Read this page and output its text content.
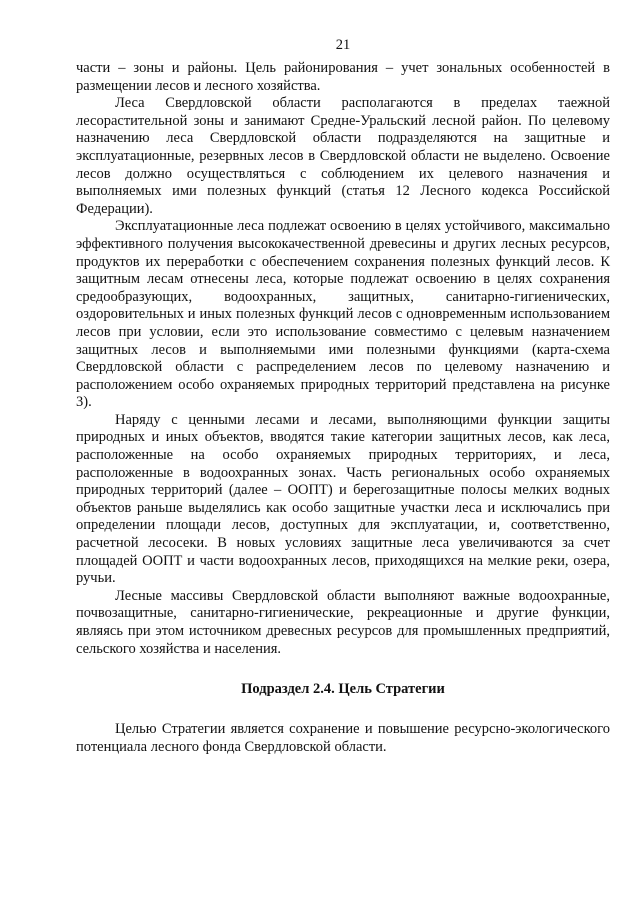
21

части – зоны и районы. Цель районирования – учет зональных особенностей в размещении лесов и лесного хозяйства.

Леса Свердловской области располагаются в пределах таежной лесорастительной зоны и занимают Средне-Уральский лесной район. По целевому назначению леса Свердловской области подразделяются на защитные и эксплуатационные, резервных лесов в Свердловской области не выделено. Освоение лесов должно осуществляться с соблюдением их целевого назначения и выполняемых ими полезных функций (статья 12 Лесного кодекса Российской Федерации).

Эксплуатационные леса подлежат освоению в целях устойчивого, максимально эффективного получения высококачественной древесины и других лесных ресурсов, продуктов их переработки с обеспечением сохранения полезных функций лесов. К защитным лесам отнесены леса, которые подлежат освоению в целях сохранения средообразующих, водоохранных, защитных, санитарно-гигиенических, оздоровительных и иных полезных функций лесов с одновременным использованием лесов при условии, если это использование совместимо с целевым назначением защитных лесов и выполняемыми ими полезными функциями (карта-схема Свердловской области с распределением лесов по целевому назначению и расположением особо охраняемых природных территорий представлена на рисунке 3).

Наряду с ценными лесами и лесами, выполняющими функции защиты природных и иных объектов, вводятся такие категории защитных лесов, как леса, расположенные на особо охраняемых природных территориях, и леса, расположенные в водоохранных зонах. Часть региональных особо охраняемых природных территорий (далее – ООПТ) и берегозащитные полосы мелких водных объектов раньше выделялись как особо защитные участки леса и исключались при определении площади лесов, доступных для эксплуатации, и, соответственно, расчетной лесосеки. В новых условиях защитные леса увеличиваются за счет площадей ООПТ и части водоохранных лесов, приходящихся на мелкие реки, озера, ручьи.

Лесные массивы Свердловской области выполняют важные водоохранные, почвозащитные, санитарно-гигиенические, рекреационные и другие функции, являясь при этом источником древесных ресурсов для промышленных предприятий, сельского хозяйства и населения.

Подраздел 2.4. Цель Стратегии

Целью Стратегии является сохранение и повышение ресурсно-экологического потенциала лесного фонда Свердловской области.
